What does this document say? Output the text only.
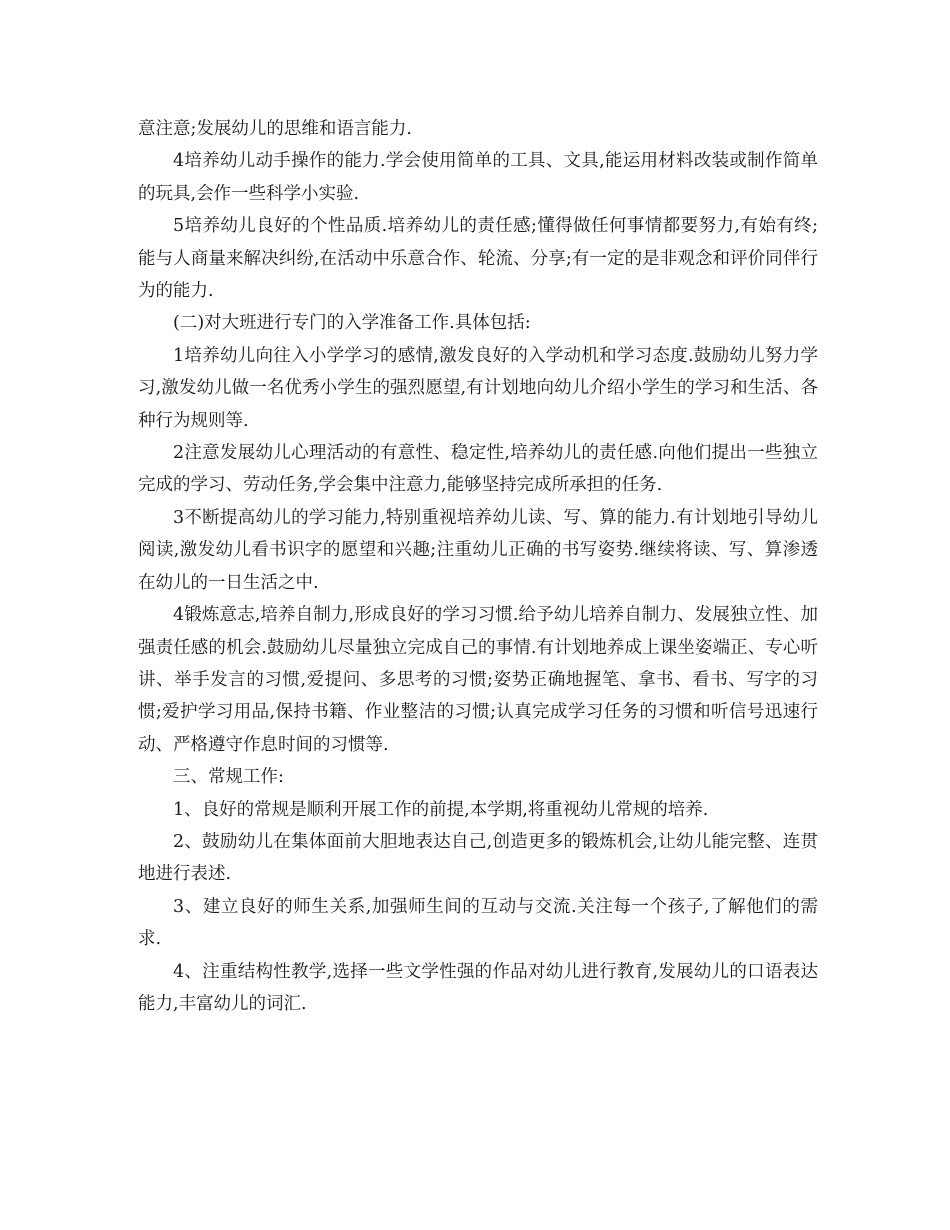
意注意;发展幼儿的思维和语言能力.

4培养幼儿动手操作的能力.学会使用简单的工具、文具,能运用材料改装或制作简单的玩具,会作一些科学小实验.

5培养幼儿良好的个性品质.培养幼儿的责任感;懂得做任何事情都要努力,有始有终;能与人商量来解决纠纷,在活动中乐意合作、轮流、分享;有一定的是非观念和评价同伴行为的能力.

(二)对大班进行专门的入学准备工作.具体包括:

1培养幼儿向往入小学学习的感情,激发良好的入学动机和学习态度.鼓励幼儿努力学习,激发幼儿做一名优秀小学生的强烈愿望,有计划地向幼儿介绍小学生的学习和生活、各种行为规则等.

2注意发展幼儿心理活动的有意性、稳定性,培养幼儿的责任感.向他们提出一些独立完成的学习、劳动任务,学会集中注意力,能够坚持完成所承担的任务.

3不断提高幼儿的学习能力,特别重视培养幼儿读、写、算的能力.有计划地引导幼儿阅读,激发幼儿看书识字的愿望和兴趣;注重幼儿正确的书写姿势.继续将读、写、算渗透在幼儿的一日生活之中.

4锻炼意志,培养自制力,形成良好的学习习惯.给予幼儿培养自制力、发展独立性、加强责任感的机会.鼓励幼儿尽量独立完成自己的事情.有计划地养成上课坐姿端正、专心听讲、举手发言的习惯,爱提问、多思考的习惯;姿势正确地握笔、拿书、看书、写字的习惯;爱护学习用品,保持书籍、作业整洁的习惯;认真完成学习任务的习惯和听信号迅速行动、严格遵守作息时间的习惯等.

三、常规工作:

1、良好的常规是顺利开展工作的前提,本学期,将重视幼儿常规的培养.

2、鼓励幼儿在集体面前大胆地表达自己,创造更多的锻炼机会,让幼儿能完整、连贯地进行表述.

3、建立良好的师生关系,加强师生间的互动与交流.关注每一个孩子,了解他们的需求.

4、注重结构性教学,选择一些文学性强的作品对幼儿进行教育,发展幼儿的口语表达能力,丰富幼儿的词汇.
